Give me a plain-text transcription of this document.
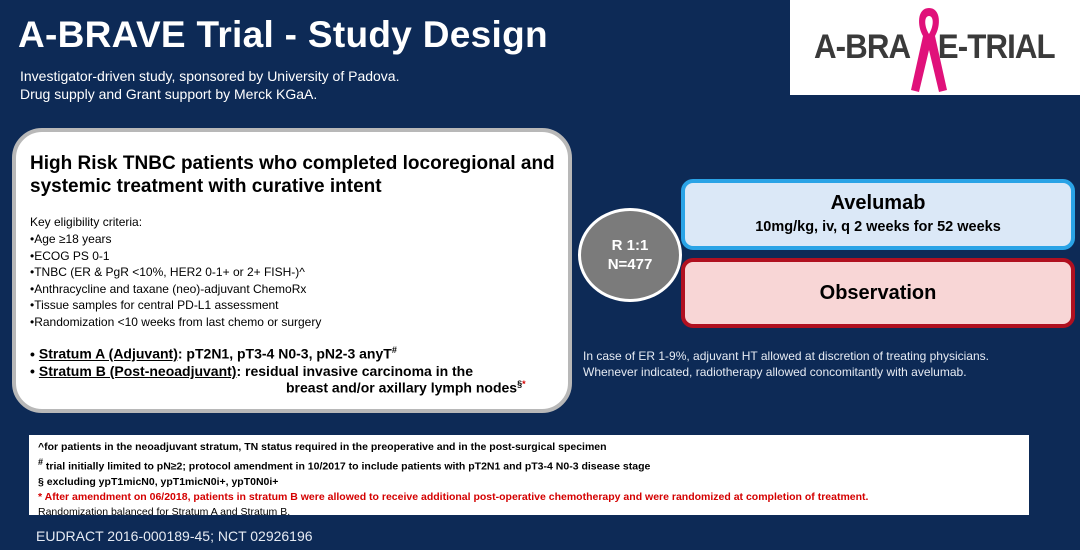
A-BRAVE Trial - Study Design
Investigator-driven study, sponsored by University of Padova.
Drug supply and Grant support by Merck KGaA.
A-BRA E-TRIAL
High Risk TNBC patients who completed locoregional and systemic treatment with curative intent
Key eligibility criteria:
• Age ≥18 years
• ECOG PS 0-1
• TNBC (ER & PgR <10%, HER2 0-1+ or 2+ FISH-)^
• Anthracycline and taxane (neo)-adjuvant ChemoRx
• Tissue samples for central PD-L1 assessment
• Randomization <10 weeks from last chemo or surgery
• Stratum A (Adjuvant): pT2N1, pT3-4 N0-3, pN2-3 anyT#
• Stratum B (Post-neoadjuvant): residual invasive carcinoma in the
breast and/or axillary lymph nodes§*
R 1:1
N=477
Avelumab
10mg/kg, iv, q 2 weeks for 52 weeks
Observation
In case of ER 1-9%, adjuvant HT allowed at discretion of treating physicians.
Whenever indicated, radiotherapy allowed concomitantly with avelumab.
^for patients in the neoadjuvant stratum, TN status required in the preoperative and in the post-surgical specimen
# trial initially limited to pN≥2; protocol amendment in 10/2017 to include patients with pT2N1 and pT3-4 N0-3 disease stage
§ excluding ypT1micN0, ypT1micN0i+, ypT0N0i+
* After amendment on 06/2018, patients in stratum B were allowed to receive additional post-operative chemotherapy and were randomized at completion of treatment.
Randomization balanced for Stratum A and Stratum B.
EUDRACT 2016-000189-45; NCT 02926196
